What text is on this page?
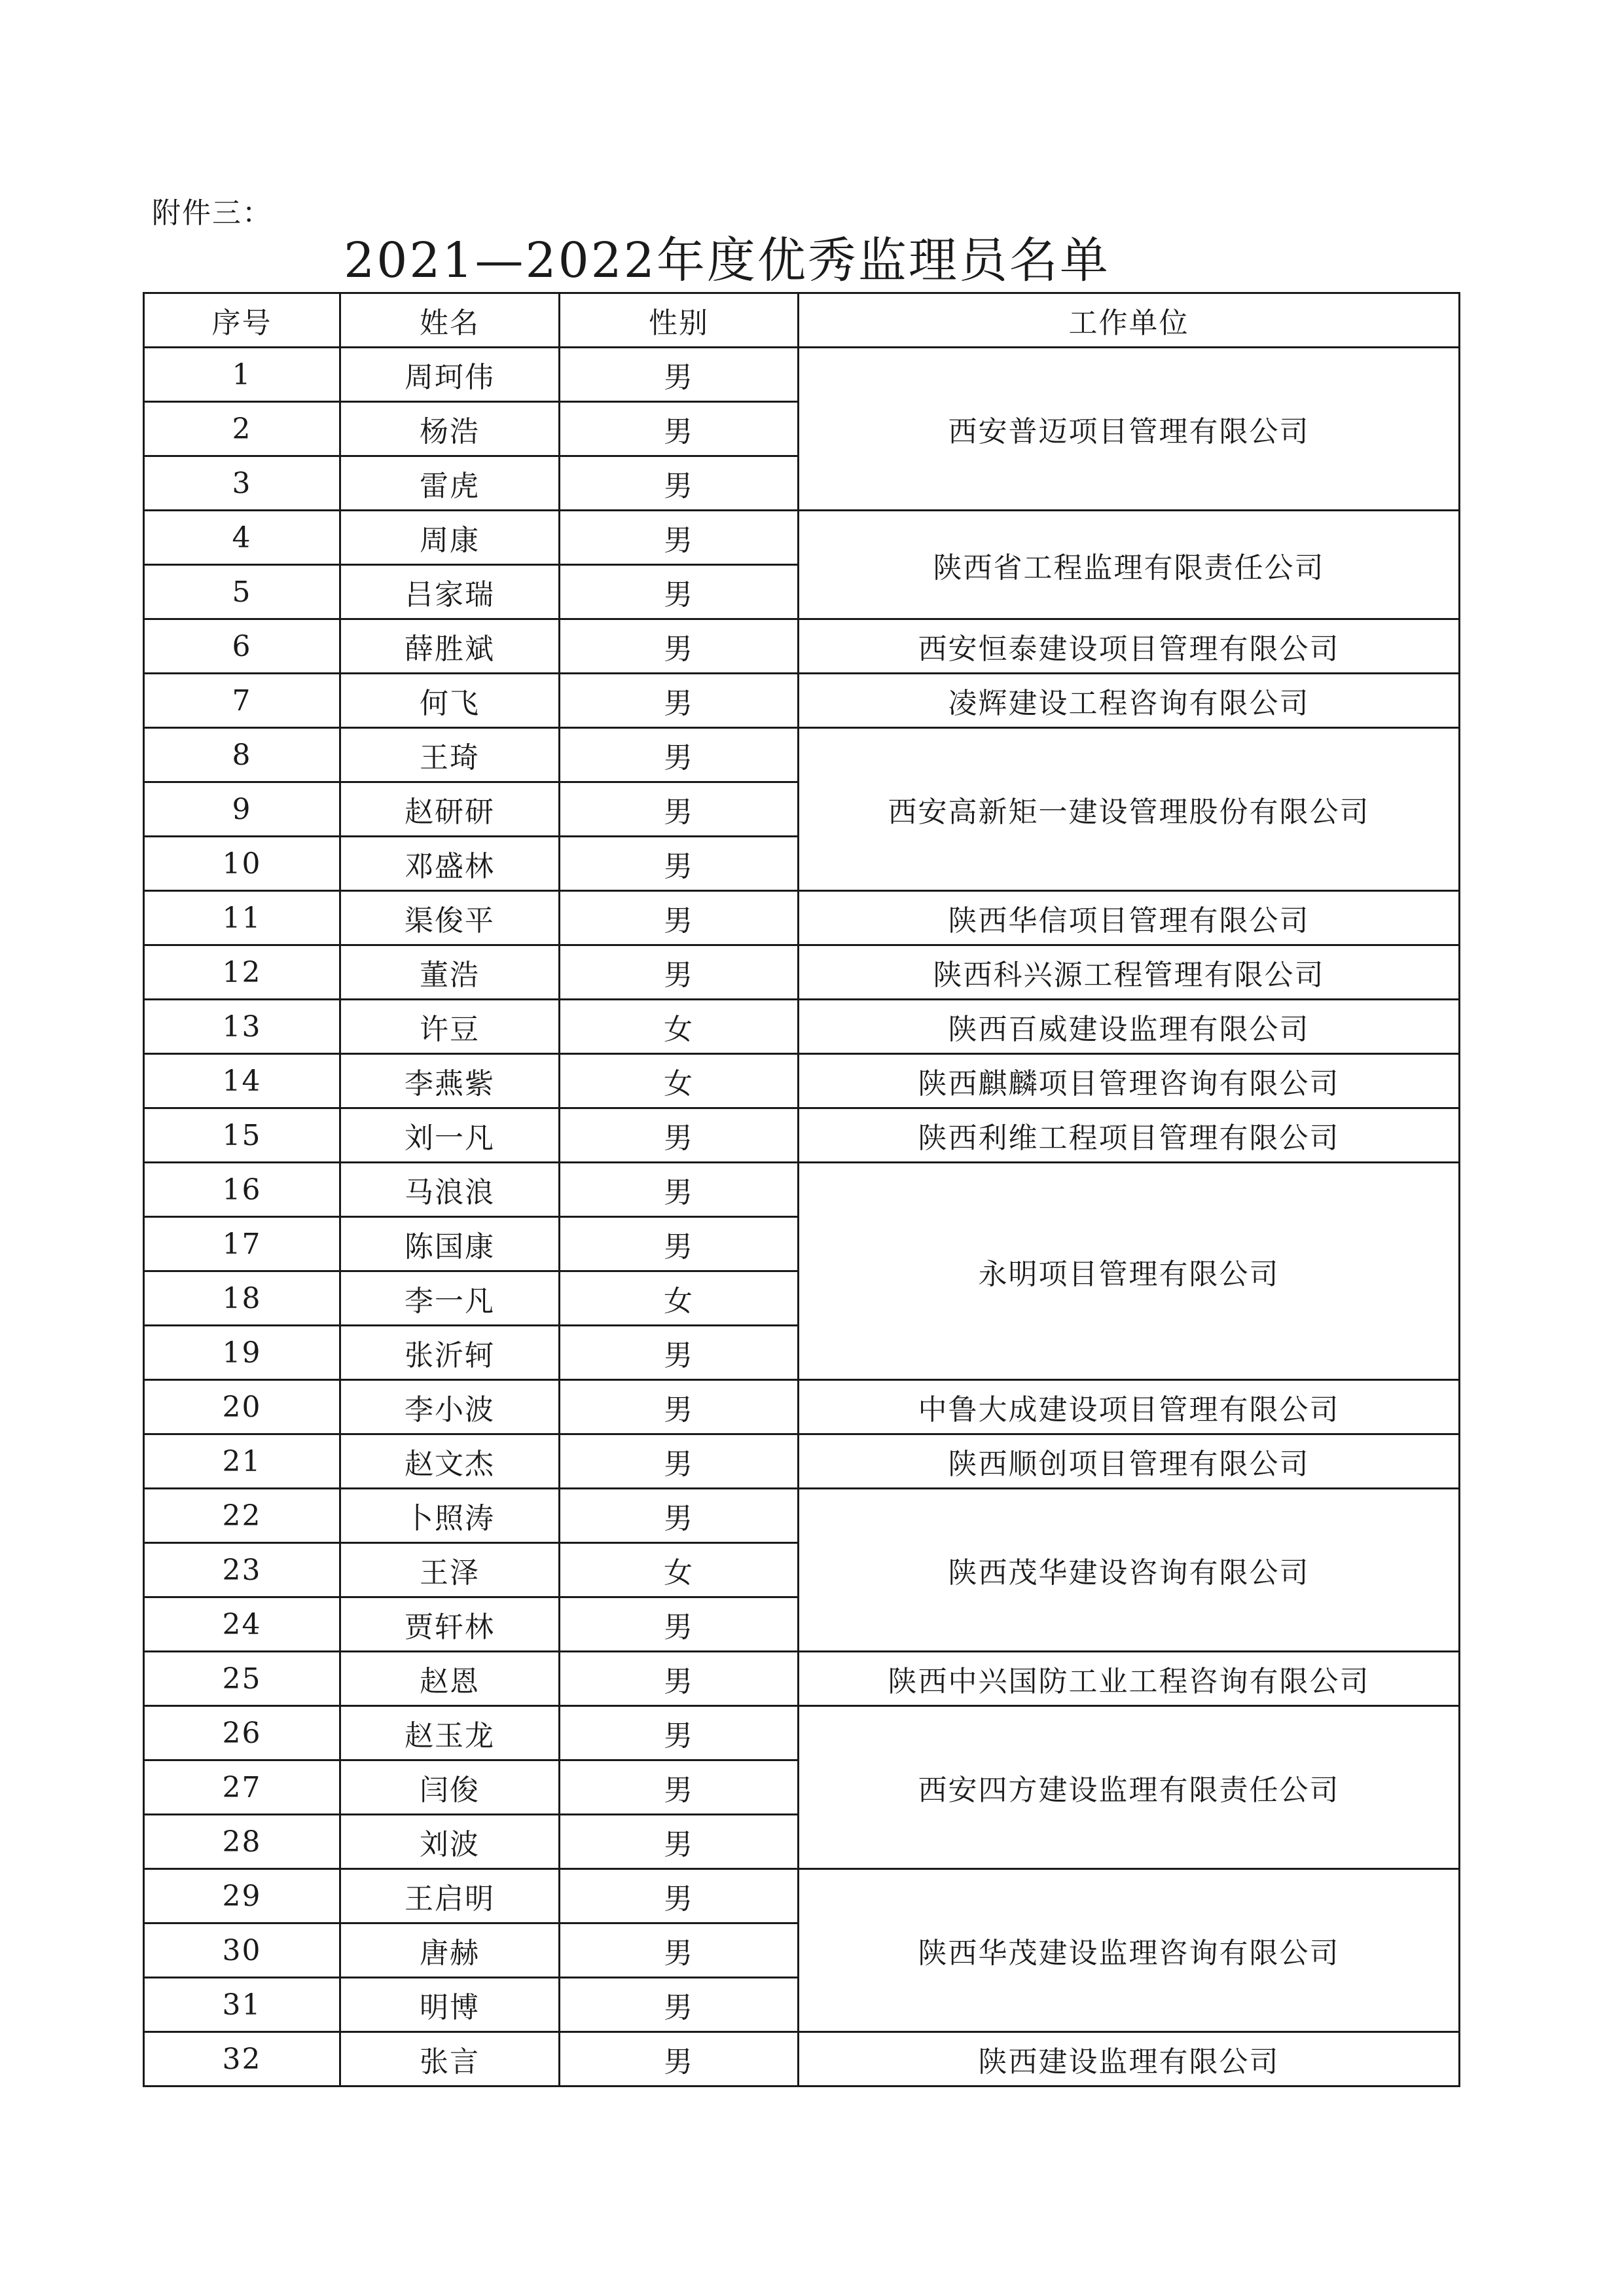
附件三：
2021—2022年度优秀监理员名单
序号	姓名	性别	工作单位
1	周珂伟	男	西安普迈项目管理有限公司
2	杨浩	男	
3	雷虎	男	
4	周康	男	陕西省工程监理有限责任公司
5	吕家瑞	男	
6	薛胜斌	男	西安恒泰建设项目管理有限公司
7	何飞	男	凌辉建设工程咨询有限公司
8	王琦	男	西安高新矩一建设管理股份有限公司
9	赵研研	男	
10	邓盛林	男	
11	渠俊平	男	陕西华信项目管理有限公司
12	董浩	男	陕西科兴源工程管理有限公司
13	许豆	女	陕西百威建设监理有限公司
14	李燕紫	女	陕西麒麟项目管理咨询有限公司
15	刘一凡	男	陕西利维工程项目管理有限公司
16	马浪浪	男	永明项目管理有限公司
17	陈国康	男	
18	李一凡	女	
19	张沂轲	男	
20	李小波	男	中鲁大成建设项目管理有限公司
21	赵文杰	男	陕西顺创项目管理有限公司
22	卜照涛	男	陕西茂华建设咨询有限公司
23	王泽	女	
24	贾轩林	男	
25	赵恩	男	陕西中兴国防工业工程咨询有限公司
26	赵玉龙	男	西安四方建设监理有限责任公司
27	闫俊	男	
28	刘波	男	
29	王启明	男	陕西华茂建设监理咨询有限公司
30	唐赫	男	
31	明博	男	
32	张言	男	陕西建设监理有限公司
